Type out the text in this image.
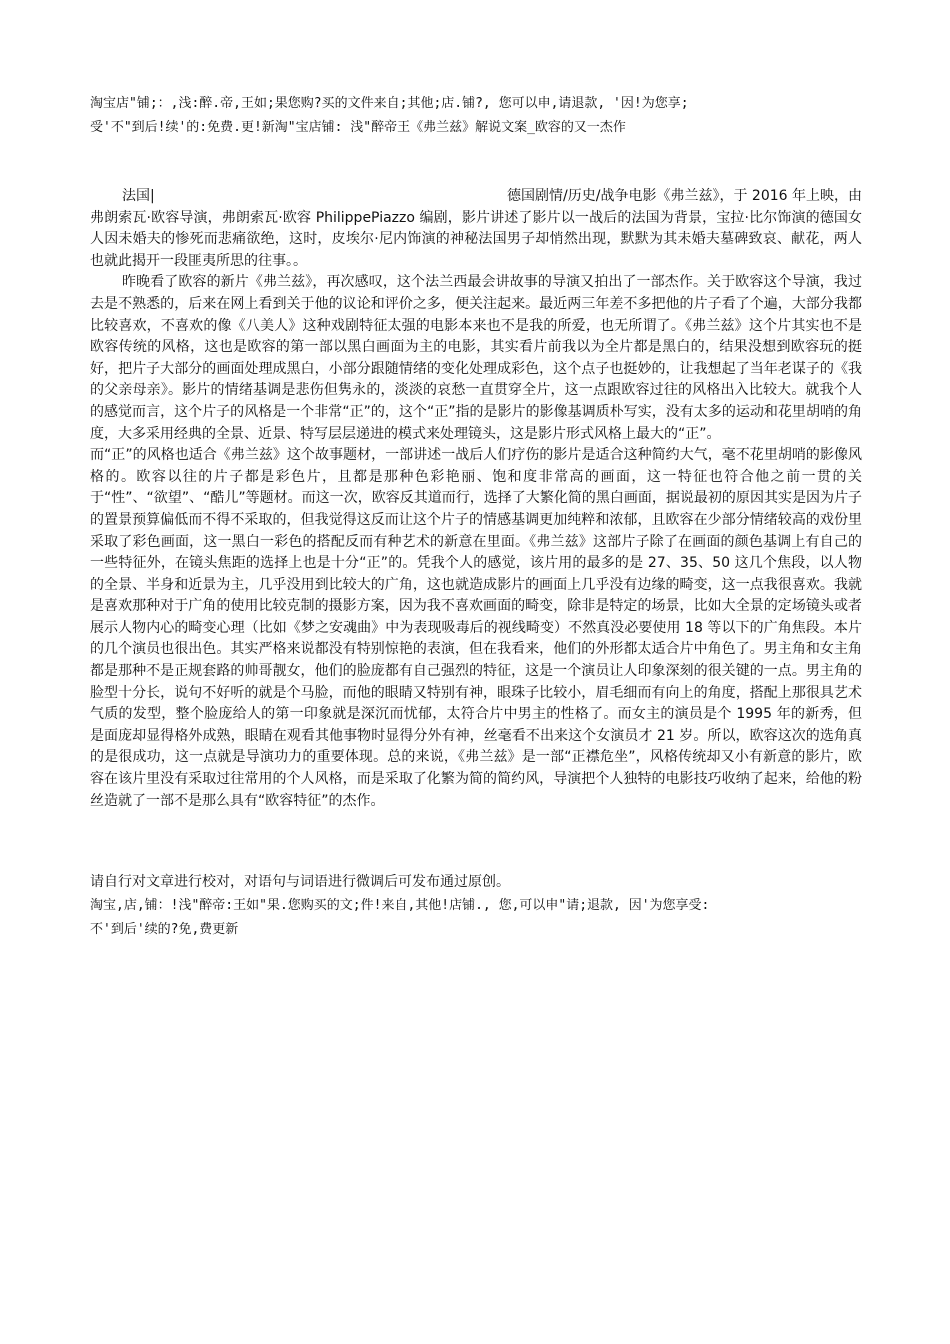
淘宝店"铺;：,浅:醉.帝,王如;果您购?买的文件来自;其他;店.铺?, 您可以申,请退款, '因!为您享;

受'不"到后!续'的:免费.更!新淘"宝店铺: 浅"醉帝王《弗兰兹》解说文案_欧容的又一杰作

法国|	德国剧情/历史/战争电影《弗兰兹》，于 2016 年上映，由

弗朗索瓦·欧容导演，弗朗索瓦·欧容 PhilippePiazzo 编剧，影片讲述了影片以一战后的法国为背景，宝拉·比尔饰演的德国女人因未婚夫的惨死而悲痛欲绝，这时，皮埃尔·尼内饰演的神秘法国男子却悄然出现，默默为其未婚夫墓碑致哀、献花，两人也就此揭开一段匪夷所思的往事。。

昨晚看了欧容的新片《弗兰兹》，再次感叹，这个法兰西最会讲故事的导演又拍出了一部杰作。关于欧容这个导演，我过去是不熟悉的，后来在网上看到关于他的议论和评价之多，便关注起来。最近两三年差不多把他的片子看了个遍，大部分我都比较喜欢，不喜欢的像《八美人》这种戏剧特征太强的电影本来也不是我的所爱，也无所谓了。《弗兰兹》这个片其实也不是欧容传统的风格，这也是欧容的第一部以黑白画面为主的电影，其实看片前我以为全片都是黑白的，结果没想到欧容玩的挺好，把片子大部分的画面处理成黑白，小部分跟随情绪的变化处理成彩色，这个点子也挺妙的，让我想起了当年老谋子的《我的父亲母亲》。影片的情绪基调是悲伤但隽永的，淡淡的哀愁一直贯穿全片，这一点跟欧容过往的风格出入比较大。就我个人的感觉而言，这个片子的风格是一个非常“正”的，这个“正”指的是影片的影像基调质朴写实，没有太多的运动和花里胡哨的角度，大多采用经典的全景、近景、特写层层递进的模式来处理镜头，这是影片形式风格上最大的“正”。

而“正”的风格也适合《弗兰兹》这个故事题材，一部讲述一战后人们疗伤的影片是适合这种简约大气，毫不花里胡哨的影像风格的。欧容以往的片子都是彩色片，且都是那种色彩艳丽、饱和度非常高的画面，这一特征也符合他之前一贯的关于“性”、“欲望”、“酷儿”等题材。而这一次，欧容反其道而行，选择了大繁化简的黑白画面，据说最初的原因其实是因为片子的置景预算偏低而不得不采取的，但我觉得这反而让这个片子的情感基调更加纯粹和浓郁，且欧容在少部分情绪较高的戏份里采取了彩色画面，这一黑白一彩色的搭配反而有种艺术的新意在里面。《弗兰兹》这部片子除了在画面的颜色基调上有自己的一些特征外，在镜头焦距的选择上也是十分“正”的。凭我个人的感觉，该片用的最多的是 27、35、50 这几个焦段，以人物的全景、半身和近景为主，几乎没用到比较大的广角，这也就造成影片的画面上几乎没有边缘的畸变，这一点我很喜欢。我就是喜欢那种对于广角的使用比较克制的摄影方案，因为我不喜欢画面的畸变，除非是特定的场景，比如大全景的定场镜头或者展示人物内心的畸变心理（比如《梦之安魂曲》中为表现吸毒后的视线畸变）不然真没必要使用 18 等以下的广角焦段。本片的几个演员也很出色。其实严格来说都没有特别惊艳的表演，但在我看来，他们的外形都太适合片中角色了。男主角和女主角都是那种不是正规套路的帅哥靓女，他们的脸庞都有自己强烈的特征，这是一个演员让人印象深刻的很关键的一点。男主角的脸型十分长，说句不好听的就是个马脸，而他的眼睛又特别有神，眼珠子比较小，眉毛细而有向上的角度，搭配上那很具艺术气质的发型，整个脸庞给人的第一印象就是深沉而忧郁，太符合片中男主的性格了。而女主的演员是个 1995 年的新秀，但是面庞却显得格外成熟，眼睛在观看其他事物时显得分外有神，丝毫看不出来这个女演员才 21 岁。所以，欧容这次的选角真的是很成功，这一点就是导演功力的重要体现。总的来说，《弗兰兹》是一部“正襟危坐”，风格传统却又小有新意的影片，欧容在该片里没有采取过往常用的个人风格，而是采取了化繁为简的简约风，导演把个人独特的电影技巧收纳了起来，给他的粉丝造就了一部不是那么具有“欧容特征”的杰作。

请自行对文章进行校对，对语句与词语进行微调后可发布通过原创。

淘宝,店,铺：!浅"醉帝:王如"果.您购买的文;件!来自,其他!店铺., 您,可以申"请;退款, 因'为您享受:

不'到后'续的?免,费更新
